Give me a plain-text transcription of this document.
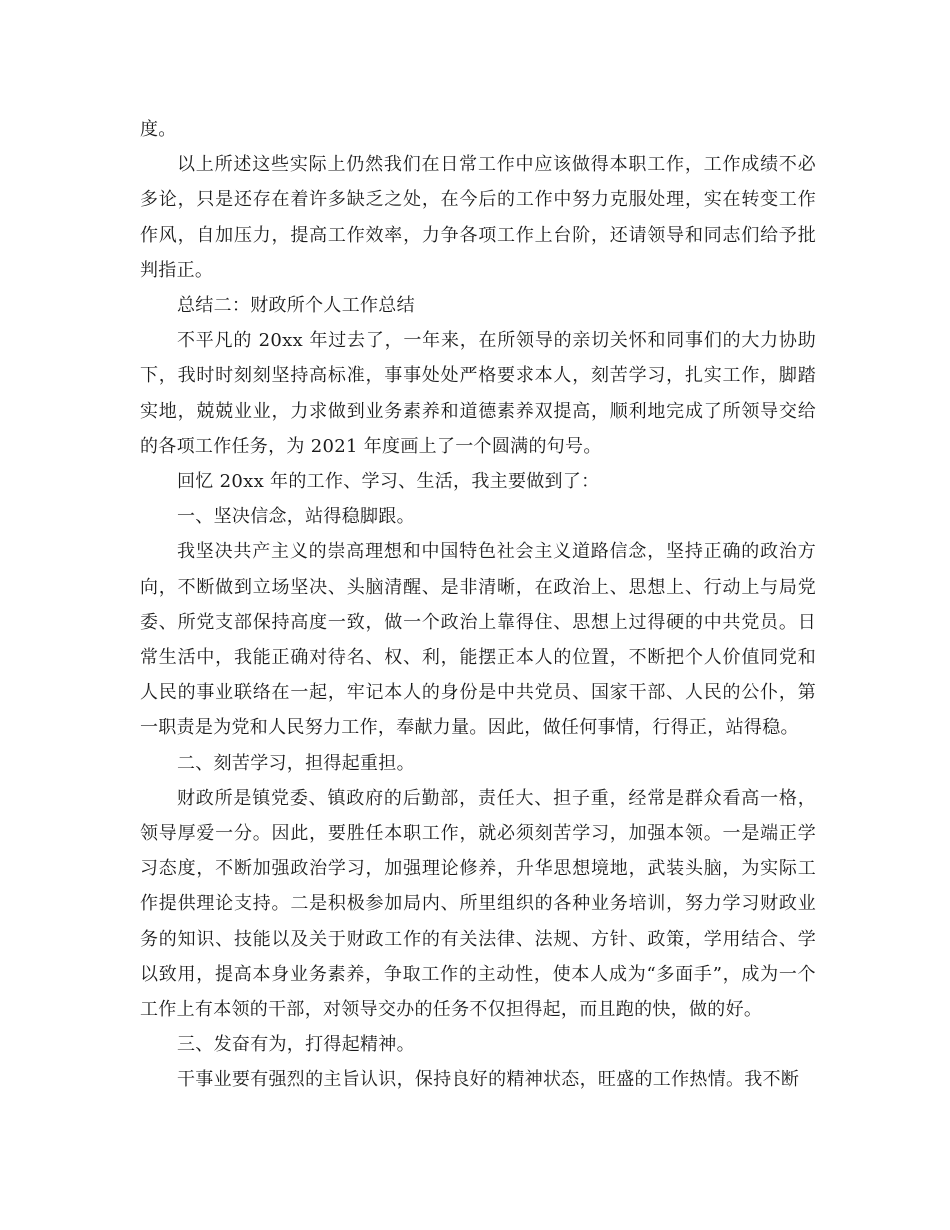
度。

以上所述这些实际上仍然我们在日常工作中应该做得本职工作，工作成绩不必多论，只是还存在着许多缺乏之处，在今后的工作中努力克服处理，实在转变工作作风，自加压力，提高工作效率，力争各项工作上台阶，还请领导和同志们给予批判指正。

总结二：财政所个人工作总结

不平凡的 20xx 年过去了，一年来，在所领导的亲切关怀和同事们的大力协助下，我时时刻刻坚持高标准，事事处处严格要求本人，刻苦学习，扎实工作，脚踏实地，兢兢业业，力求做到业务素养和道德素养双提高，顺利地完成了所领导交给的各项工作任务，为 2021 年度画上了一个圆满的句号。

回忆 20xx 年的工作、学习、生活，我主要做到了：

一、坚决信念，站得稳脚跟。

我坚决共产主义的崇高理想和中国特色社会主义道路信念，坚持正确的政治方向，不断做到立场坚决、头脑清醒、是非清晰，在政治上、思想上、行动上与局党委、所党支部保持高度一致，做一个政治上靠得住、思想上过得硬的中共党员。日常生活中，我能正确对待名、权、利，能摆正本人的位置，不断把个人价值同党和人民的事业联络在一起，牢记本人的身份是中共党员、国家干部、人民的公仆，第一职责是为党和人民努力工作，奉献力量。因此，做任何事情，行得正，站得稳。

二、刻苦学习，担得起重担。

财政所是镇党委、镇政府的后勤部，责任大、担子重，经常是群众看高一格，领导厚爱一分。因此，要胜任本职工作，就必须刻苦学习，加强本领。一是端正学习态度，不断加强政治学习，加强理论修养，升华思想境地，武装头脑，为实际工作提供理论支持。二是积极参加局内、所里组织的各种业务培训，努力学习财政业务的知识、技能以及关于财政工作的有关法律、法规、方针、政策，学用结合、学以致用，提高本身业务素养，争取工作的主动性，使本人成为“多面手”，成为一个工作上有本领的干部，对领导交办的任务不仅担得起，而且跑的快，做的好。

三、发奋有为，打得起精神。

干事业要有强烈的主旨认识，保持良好的精神状态，旺盛的工作热情。我不断
